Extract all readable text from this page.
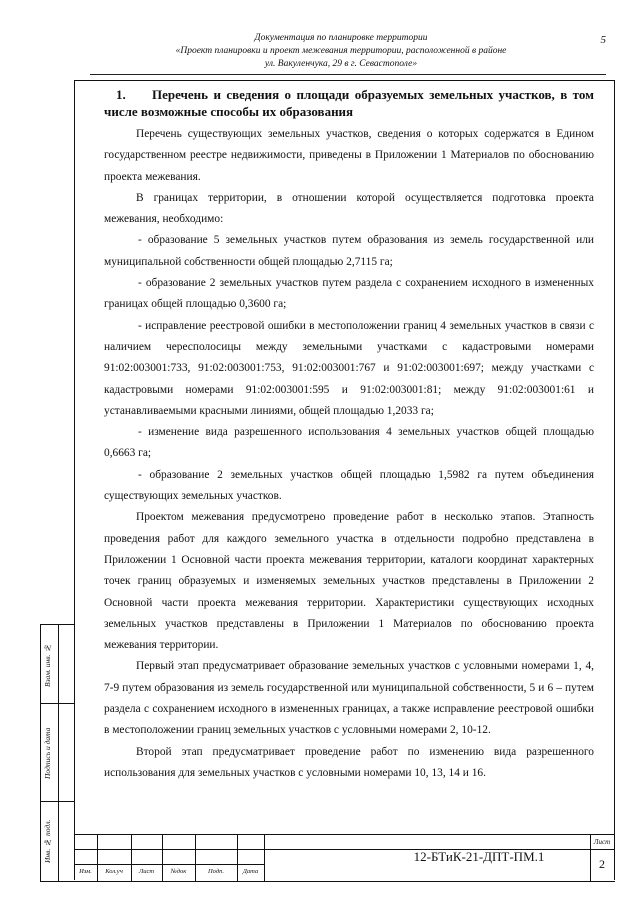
5
Документация по планировке территории
«Проект планировки и проект межевания территории, расположенной в районе
ул. Вакуленчука, 29 в г. Севастополе»

1. Перечень и сведения о площади образуемых земельных участков, в том числе возможные способы их образования

Перечень существующих земельных участков, сведения о которых содержатся в Едином государственном реестре недвижимости, приведены в Приложении 1 Материалов по обоснованию проекта межевания.

В границах территории, в отношении которой осуществляется подготовка проекта межевания, необходимо:

- образование 5 земельных участков путем образования из земель государственной или муниципальной собственности общей площадью 2,7115 га;

- образование 2 земельных участков путем раздела с сохранением исходного в измененных границах общей площадью 0,3600 га;

- исправление реестровой ошибки в местоположении границ 4 земельных участков в связи с наличием чересполосицы между земельными участками с кадастровыми номерами 91:02:003001:733, 91:02:003001:753, 91:02:003001:767 и 91:02:003001:697; между участками с кадастровыми номерами 91:02:003001:595 и 91:02:003001:81; между 91:02:003001:61 и устанавливаемыми красными линиями, общей площадью 1,2033 га;

- изменение вида разрешенного использования 4 земельных участков общей площадью 0,6663 га;

- образование 2 земельных участков общей площадью 1,5982 га путем объединения существующих земельных участков.

Проектом межевания предусмотрено проведение работ в несколько этапов. Этапность проведения работ для каждого земельного участка в отдельности подробно представлена в Приложении 1 Основной части проекта межевания территории, каталоги координат характерных точек границ образуемых и изменяемых земельных участков представлены в Приложении 2 Основной части проекта межевания территории. Характеристики существующих исходных земельных участков представлены в Приложении 1 Материалов по обоснованию проекта межевания территории.

Первый этап предусматривает образование земельных участков с условными номерами 1, 4, 7-9 путем образования из земель государственной или муниципальной собственности, 5 и 6 – путем раздела с сохранением исходного в измененных границах, а также исправление реестровой ошибки в местоположении границ земельных участков с условными номерами 2, 10-12.

Второй этап предусматривает проведение работ по изменению вида разрешенного использования для земельных участков с условными номерами 10, 13, 14 и 16.

Взам. инв. №
Подпись и дата
Инв. № подл.
Изм.	Кол.уч	Лист	№док	Подп.	Дата
12-БТиК-21-ДПТ-ПМ.1
Лист
2
